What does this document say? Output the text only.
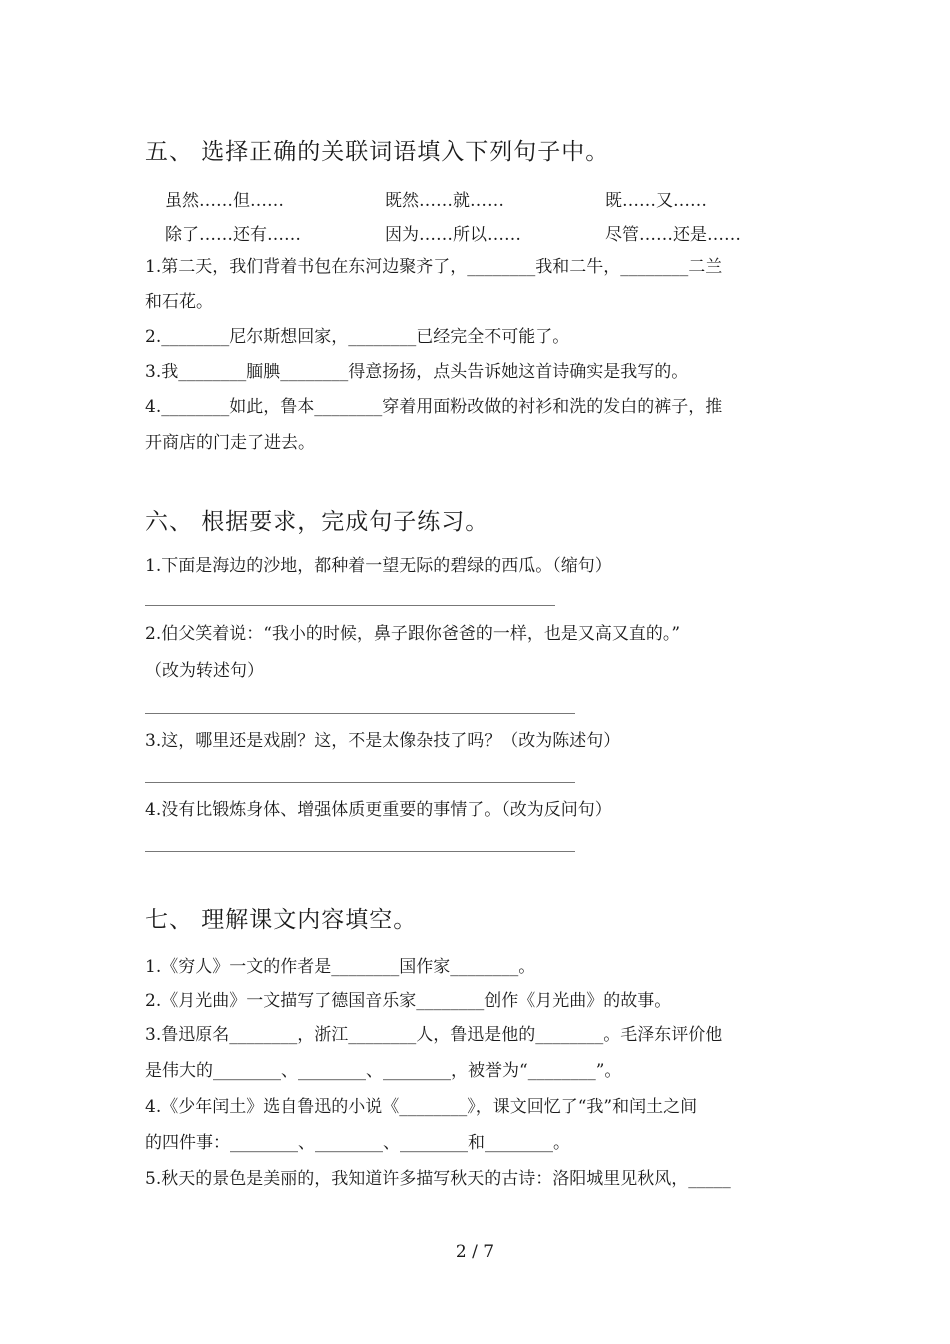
五、 选择正确的关联词语填入下列句子中。
虽然……但……	既然……就……	既……又……
除了……还有……	因为……所以……	尽管……还是……
1.第二天，我们背着书包在东河边聚齐了，________我和二牛，________二兰
和石花。
2.________尼尔斯想回家，________已经完全不可能了。
3.我________腼腆________得意扬扬，点头告诉她这首诗确实是我写的。
4.________如此，鲁本________穿着用面粉改做的衬衫和洗的发白的裤子，推
开商店的门走了进去。
六、 根据要求，完成句子练习。
1.下面是海边的沙地，都种着一望无际的碧绿的西瓜。（缩句）
2.伯父笑着说：“我小的时候，鼻子跟你爸爸的一样，也是又高又直的。”
（改为转述句）
3.这，哪里还是戏剧？这，不是太像杂技了吗？（改为陈述句）
4.没有比锻炼身体、增强体质更重要的事情了。（改为反问句）
七、 理解课文内容填空。
1.《穷人》一文的作者是________国作家________。
2.《月光曲》一文描写了德国音乐家________创作《月光曲》的故事。
3.鲁迅原名________，浙江________人，鲁迅是他的________。毛泽东评价他
是伟大的________、________、________，被誉为“________”。
4.《少年闰土》选自鲁迅的小说《________》，课文回忆了“我”和闰土之间
的四件事：________、________、________和________。
5.秋天的景色是美丽的，我知道许多描写秋天的古诗：洛阳城里见秋风，_____
2 / 7
